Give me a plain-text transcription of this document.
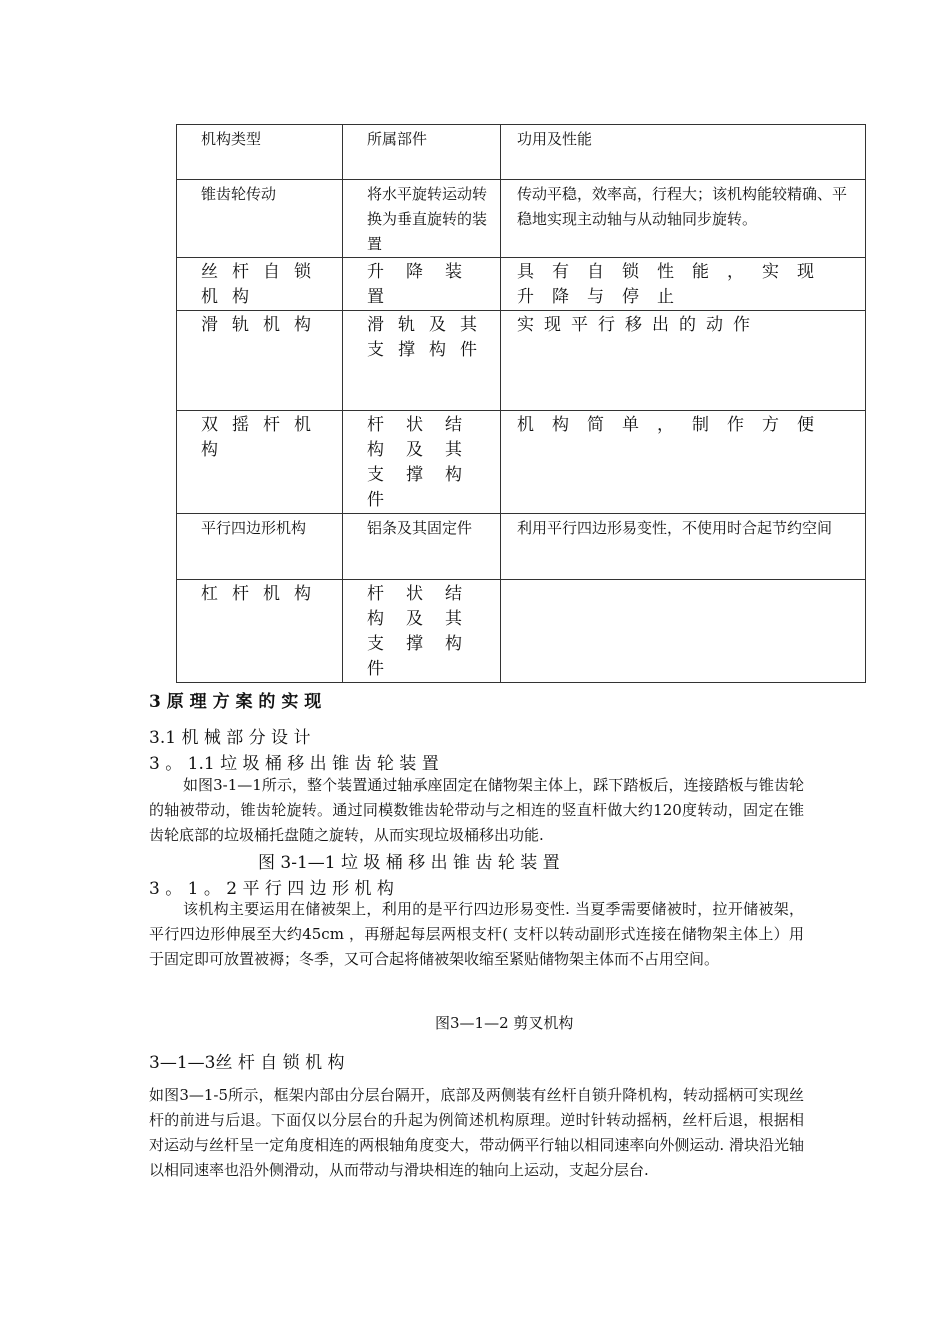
机构类型	所属部件	功用及性能
锥齿轮传动	将水平旋转运动转换为垂直旋转的装置	传动平稳，效率高，行程大；该机构能较精确、平稳地实现主动轴与从动轴同步旋转。
丝杆自锁机构	升降装置	具有自锁性能，实现升降与停止
滑轨机构	滑轨及其支撑构件	实现平行移出的动作
双摇杆机构	杆状结构及其支撑构件	机构简单，制作方便
平行四边形机构	铝条及其固定件	利用平行四边形易变性，不使用时合起节约空间
杠杆机构	杆状结构及其支撑构件	
3 原 理 方 案 的 实 现
3.1 机 械 部 分 设 计
3 。 1.1 垃 圾 桶 移 出 锥 齿 轮 装 置
如图3-1—1所示，整个装置通过轴承座固定在储物架主体上，踩下踏板后，连接踏板与锥齿轮的轴被带动，锥齿轮旋转。通过同模数锥齿轮带动与之相连的竖直杆做大约120度转动，固定在锥齿轮底部的垃圾桶托盘随之旋转，从而实现垃圾桶移出功能.
图 3-1—1 垃 圾 桶 移 出 锥 齿 轮 装 置
3 。 1 。 2 平 行 四 边 形 机 构
该机构主要运用在储被架上，利用的是平行四边形易变性. 当夏季需要储被时，拉开储被架，平行四边形伸展至大约45cm ，再掰起每层两根支杆( 支杆以转动副形式连接在储物架主体上）用于固定即可放置被褥；冬季，又可合起将储被架收缩至紧贴储物架主体而不占用空间。
图3—1—2 剪叉机构
3—1—3丝 杆 自 锁 机 构
如图3—1-5所示，框架内部由分层台隔开，底部及两侧装有丝杆自锁升降机构，转动摇柄可实现丝杆的前进与后退。下面仅以分层台的升起为例简述机构原理。逆时针转动摇柄，丝杆后退，根据相对运动与丝杆呈一定角度相连的两根轴角度变大，带动俩平行轴以相同速率向外侧运动. 滑块沿光轴以相同速率也沿外侧滑动，从而带动与滑块相连的轴向上运动，支起分层台.
